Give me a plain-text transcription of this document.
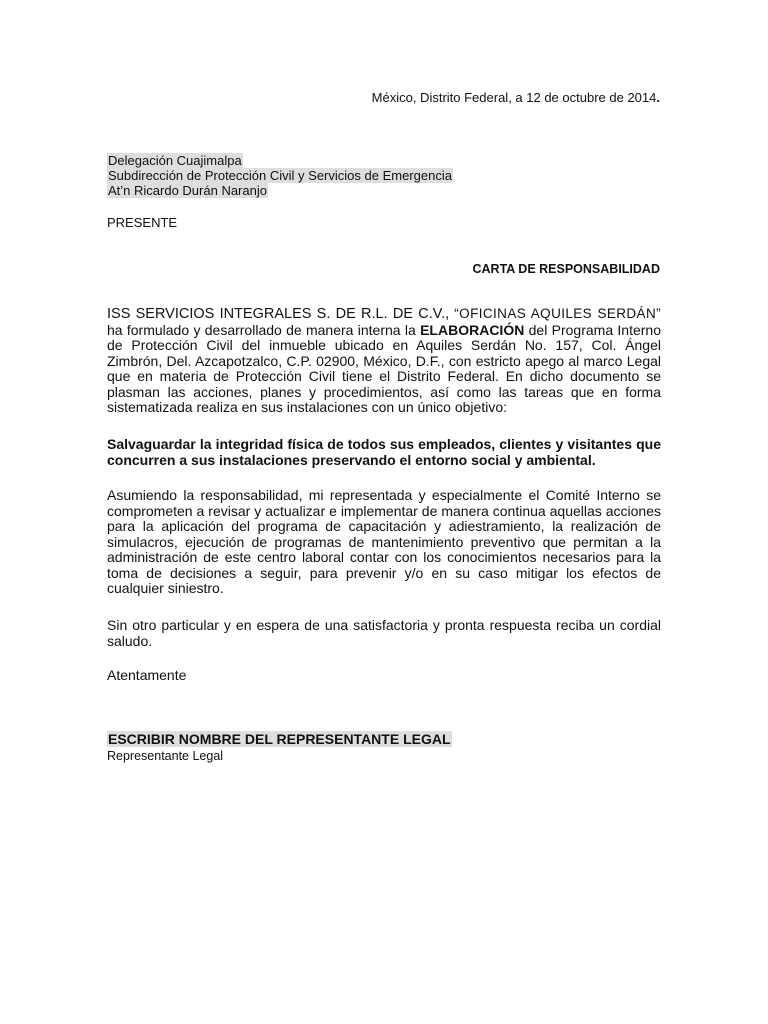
México, Distrito Federal, a 12 de octubre de 2014.
Delegación Cuajimalpa
Subdirección de Protección Civil y Servicios de Emergencia
At’n Ricardo Durán Naranjo
PRESENTE
CARTA DE RESPONSABILIDAD

ISS SERVICIOS INTEGRALES S. DE R.L. DE C.V., “OFICINAS AQUILES SERDÁN” ha formulado y desarrollado de manera interna la ELABORACIÓN del Programa Interno de Protección Civil del inmueble ubicado en Aquiles Serdán No. 157, Col. Ángel Zimbrón, Del. Azcapotzalco, C.P. 02900, México, D.F., con estricto apego al marco Legal que en materia de Protección Civil tiene el Distrito Federal. En dicho documento se plasman las acciones, planes y procedimientos, así como las tareas que en forma sistematizada realiza en sus instalaciones con un único objetivo:

Salvaguardar la integridad física de todos sus empleados, clientes y visitantes que concurren a sus instalaciones preservando el entorno social y ambiental.

Asumiendo la responsabilidad, mi representada y especialmente el Comité Interno se comprometen a revisar y actualizar e implementar de manera continua aquellas acciones para la aplicación del programa de capacitación y adiestramiento, la realización de simulacros, ejecución de programas de mantenimiento preventivo que permitan a la administración de este centro laboral contar con los conocimientos necesarios para la toma de decisiones a seguir, para prevenir y/o en su caso mitigar los efectos de cualquier siniestro.

Sin otro particular y en espera de una satisfactoria y pronta respuesta reciba un cordial saludo.

Atentamente
ESCRIBIR NOMBRE DEL REPRESENTANTE LEGAL
Representante Legal
